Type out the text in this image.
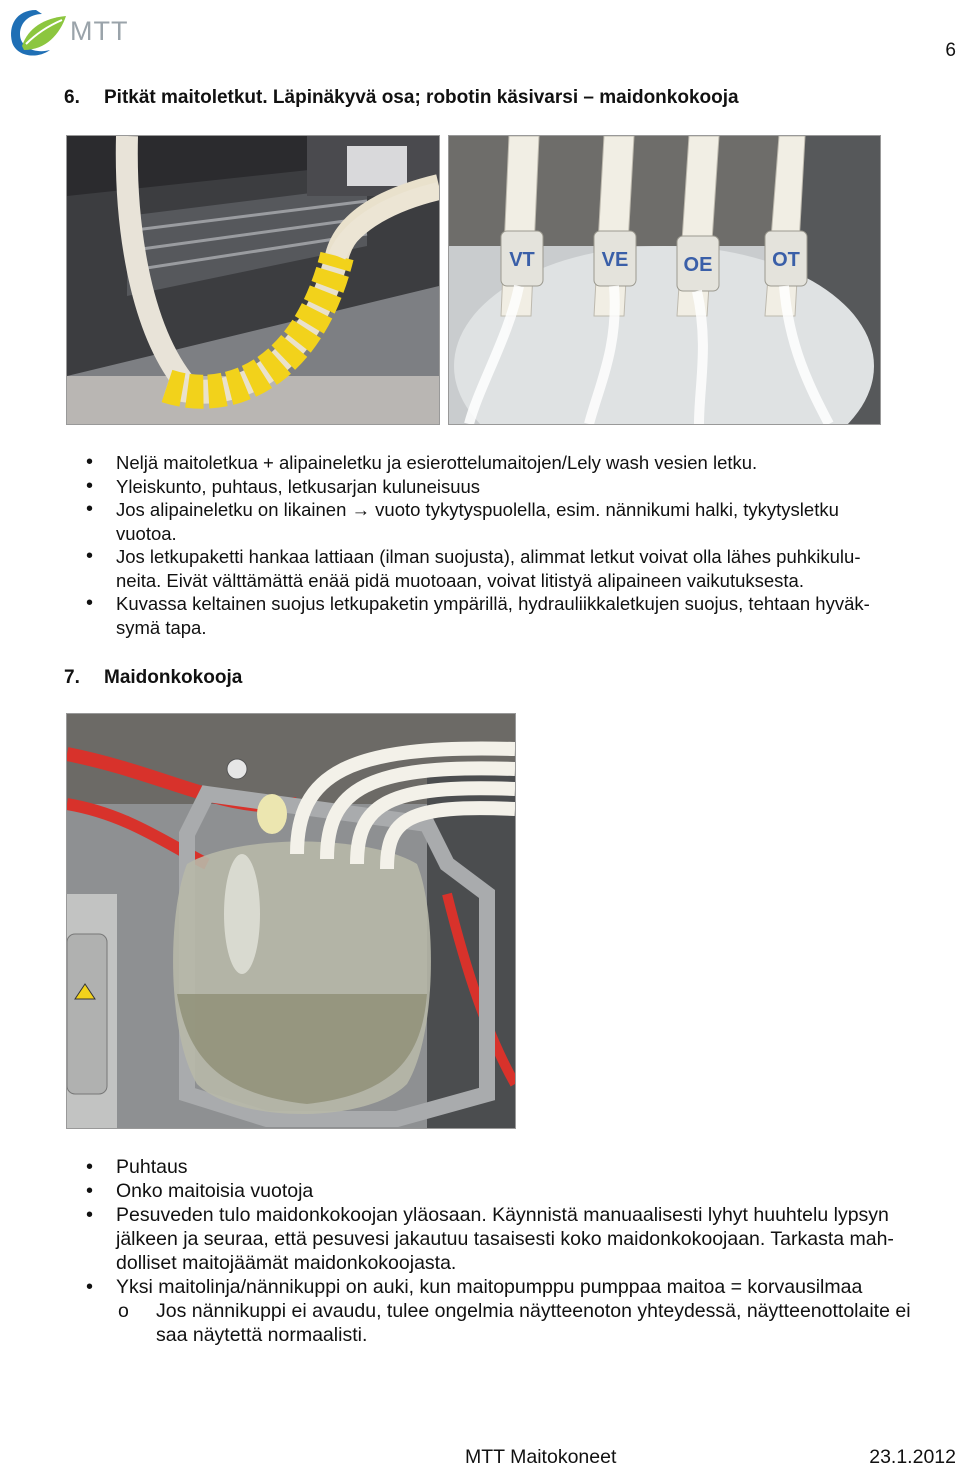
MTT
6
6. Pitkät maitoletkut. Läpinäkyvä osa; robotin käsivarsi – maidonkokooja
VT	VE	OE	OT
• Neljä maitoletkua + alipaineletku ja esierottelumaitojen/Lely wash vesien letku.
• Yleiskunto, puhtaus, letkusarjan kuluneisuus
• Jos alipaineletku on likainen → vuoto tykytyspuolella, esim. nännikumi halki, tykytysletku
vuotoa.
• Jos letkupaketti hankaa lattiaan (ilman suojusta), alimmat letkut voivat olla lähes puhkikulu-
neita. Eivät välttämättä enää pidä muotoaan, voivat litistyä alipaineen vaikutuksesta.
• Kuvassa keltainen suojus letkupaketin ympärillä, hydrauliikkaletkujen suojus, tehtaan hyväk-
symä tapa.
7. Maidonkokooja
• Puhtaus
• Onko maitoisia vuotoja
• Pesuveden tulo maidonkokoojan yläosaan. Käynnistä manuaalisesti lyhyt huuhtelu lypsyn
jälkeen ja seuraa, että pesuvesi jakautuu tasaisesti koko maidonkokoojaan. Tarkasta mah-
dolliset maitojäämät maidonkokoojasta.
• Yksi maitolinja/nännikuppi on auki, kun maitopumppu pumppaa maitoa = korvausilmaa
o Jos nännikuppi ei avaudu, tulee ongelmia näytteenoton yhteydessä, näytteenottolaite ei
saa näytettä normaalisti.
MTT Maitokoneet	23.1.2012
